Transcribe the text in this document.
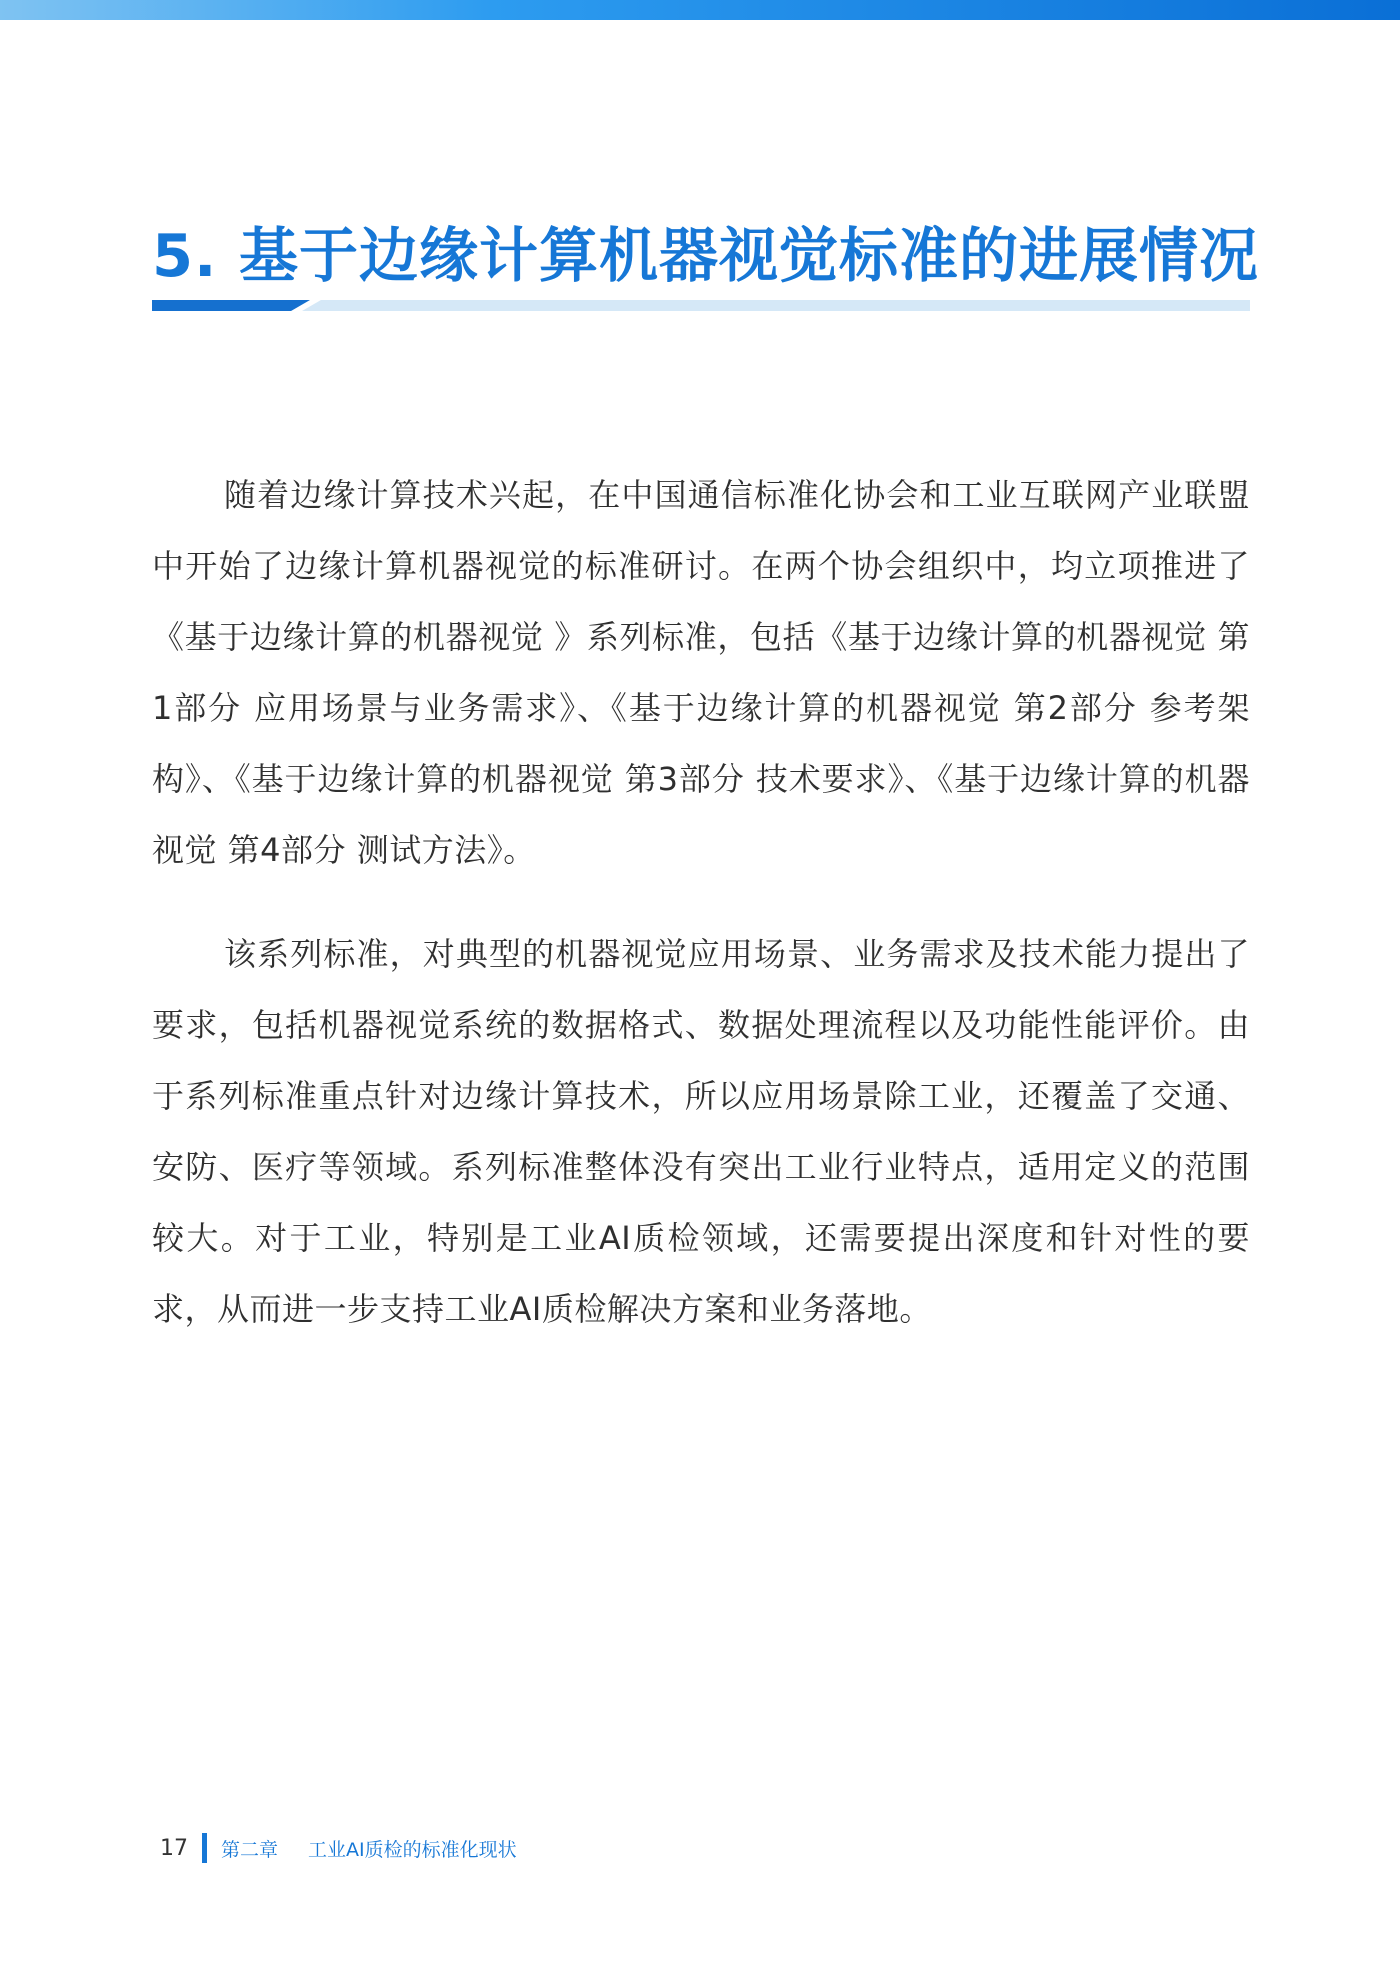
5. 基于边缘计算机器视觉标准的进展情况

随着边缘计算技术兴起，在中国通信标准化协会和工业互联网产业联盟中开始了边缘计算机器视觉的标准研讨。在两个协会组织中，均立项推进了《基于边缘计算的机器视觉 》系列标准，包括《基于边缘计算的机器视觉 第1部分 应用场景与业务需求》、《基于边缘计算的机器视觉 第2部分 参考架构》、《基于边缘计算的机器视觉 第3部分 技术要求》、《基于边缘计算的机器视觉 第4部分 测试方法》。

该系列标准，对典型的机器视觉应用场景、业务需求及技术能力提出了要求，包括机器视觉系统的数据格式、数据处理流程以及功能性能评价。由于系列标准重点针对边缘计算技术，所以应用场景除工业，还覆盖了交通、安防、医疗等领域。系列标准整体没有突出工业行业特点，适用定义的范围较大。对于工业，特别是工业AI质检领域，还需要提出深度和针对性的要求，从而进一步支持工业AI质检解决方案和业务落地。

17 第二章 工业AI质检的标准化现状
